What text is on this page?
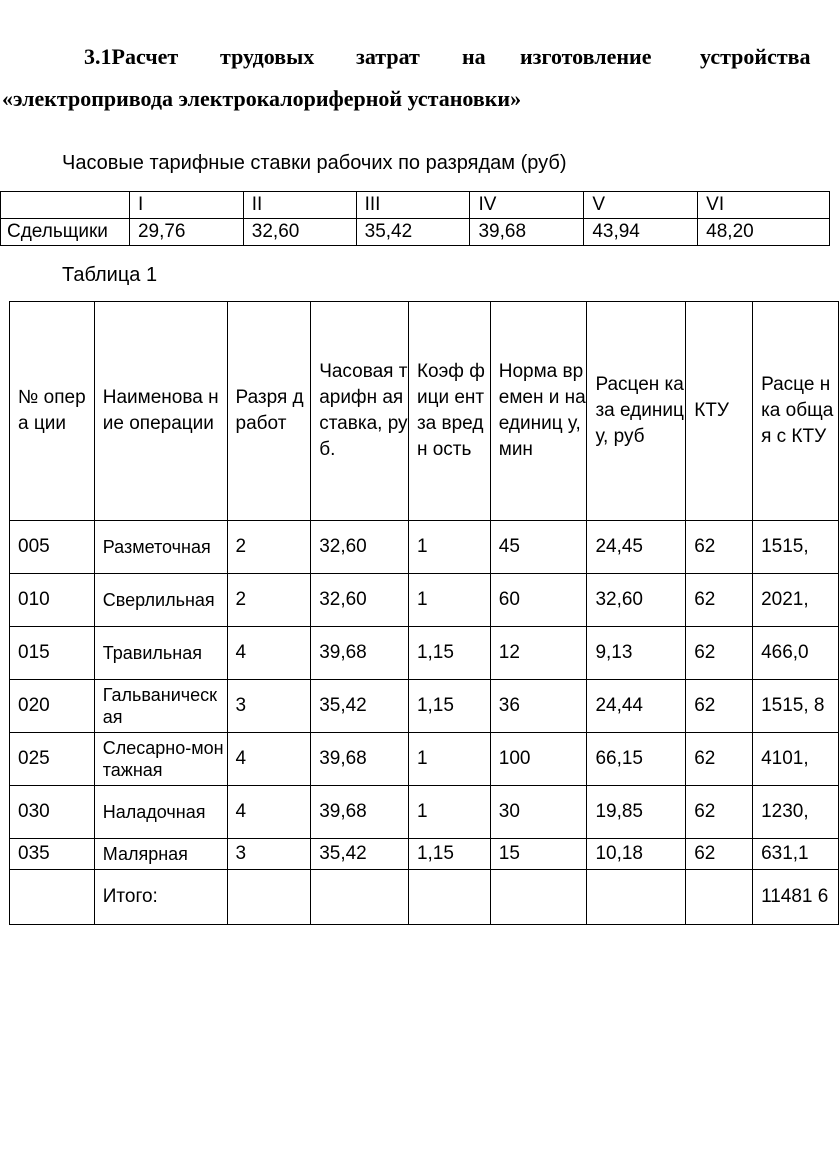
3.1Расчет трудовых затрат на изготовление устройства
«электропривода электрокалориферной установки»
Часовые тарифные ставки рабочих по разрядам (руб)
	I	II	III	IV	V	VI
Сдельщики	29,76	32,60	35,42	39,68	43,94	48,20
Таблица 1
№ опера ции	Наименова ние операции	Разря д работ	Часовая тарифн ая ставка, руб.	Коэф фици ент за вредн ость	Норма времен и на единиц у, мин	Расцен ка за единиц у, руб	КТУ	Расце нка общая с КТУ
005	Разметочная	2	32,60	1	45	24,45	62	1515,
010	Сверлильная	2	32,60	1	60	32,60	62	2021,
015	Травильная	4	39,68	1,15	12	9,13	62	466,0
020	Гальваническая	3	35,42	1,15	36	24,44	62	1515, 8
025	Слесарно-монтажная	4	39,68	1	100	66,15	62	4101,
030	Наладочная	4	39,68	1	30	19,85	62	1230,
035	Малярная	3	35,42	1,15	15	10,18	62	631,1
	Итого:							11481 6
